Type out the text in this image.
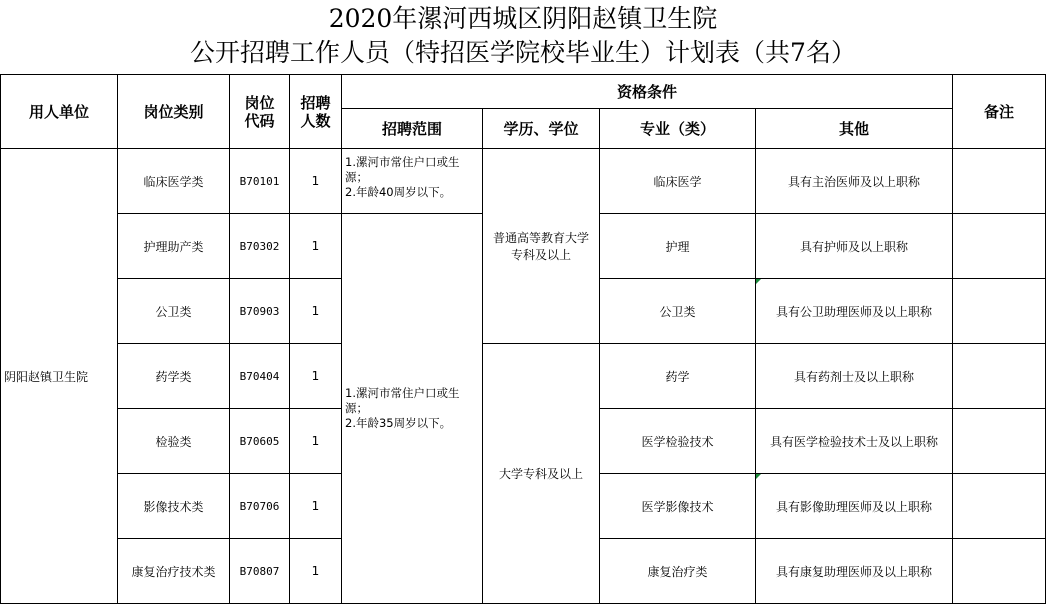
2020年漯河西城区阴阳赵镇卫生院
公开招聘工作人员（特招医学院校毕业生）计划表（共7名）
用人单位	岗位类别	岗位代码	招聘人数	资格条件				备注
				招聘范围	学历、学位	专业（类）	其他	
阴阳赵镇卫生院	临床医学类	B70101	1	1.漯河市常住户口或生源；
2.年龄40周岁以下。	普通高等教育大学专科及以上	临床医学	具有主治医师及以上职称	
	护理助产类	B70302	1	1.漯河市常住户口或生源；
2.年龄35周岁以下。		护理	具有护师及以上职称	
	公卫类	B70903	1			公卫类	具有公卫助理医师及以上职称	
	药学类	B70404	1		大学专科及以上	药学	具有药剂士及以上职称	
	检验类	B70605	1			医学检验技术	具有医学检验技术士及以上职称	
	影像技术类	B70706	1			医学影像技术	具有影像助理医师及以上职称	
	康复治疗技术类	B70807	1			康复治疗类	具有康复助理医师及以上职称	
